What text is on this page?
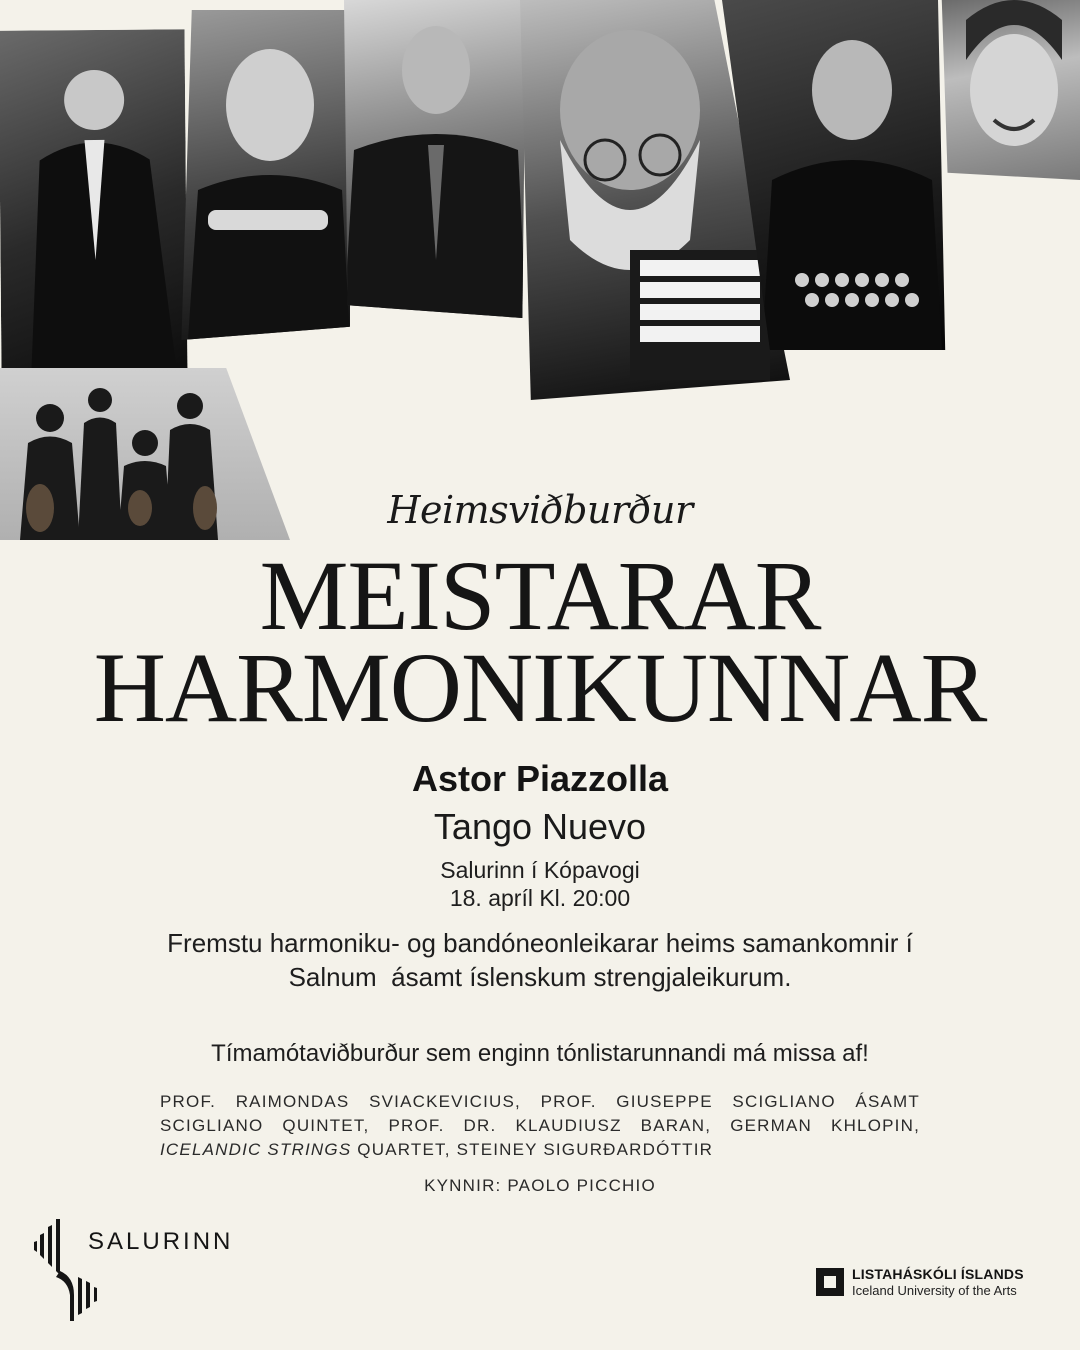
Heimsviðburður
MEISTARAR
HARMONIKUNNAR
Astor Piazzolla
Tango Nuevo
Salurinn í Kópavogi
18. apríl Kl. 20:00
Fremstu harmoniku- og bandóneonleikarar heims samankomnir í
Salnum  ásamt íslenskum strengjaleikurum.
Tímamótaviðburður sem enginn tónlistarunnandi má missa af!
PROF. RAIMONDAS SVIACKEVICIUS, PROF. GIUSEPPE SCIGLIANO ÁSAMT SCIGLIANO QUINTET, PROF. DR. KLAUDIUSZ BARAN, GERMAN KHLOPIN, ICELANDIC STRINGS QUARTET, STEINEY SIGURÐARDÓTTIR
KYNNIR: PAOLO PICCHIO
SALURINN
LISTAHÁSKÓLI ÍSLANDS
Iceland University of the Arts
